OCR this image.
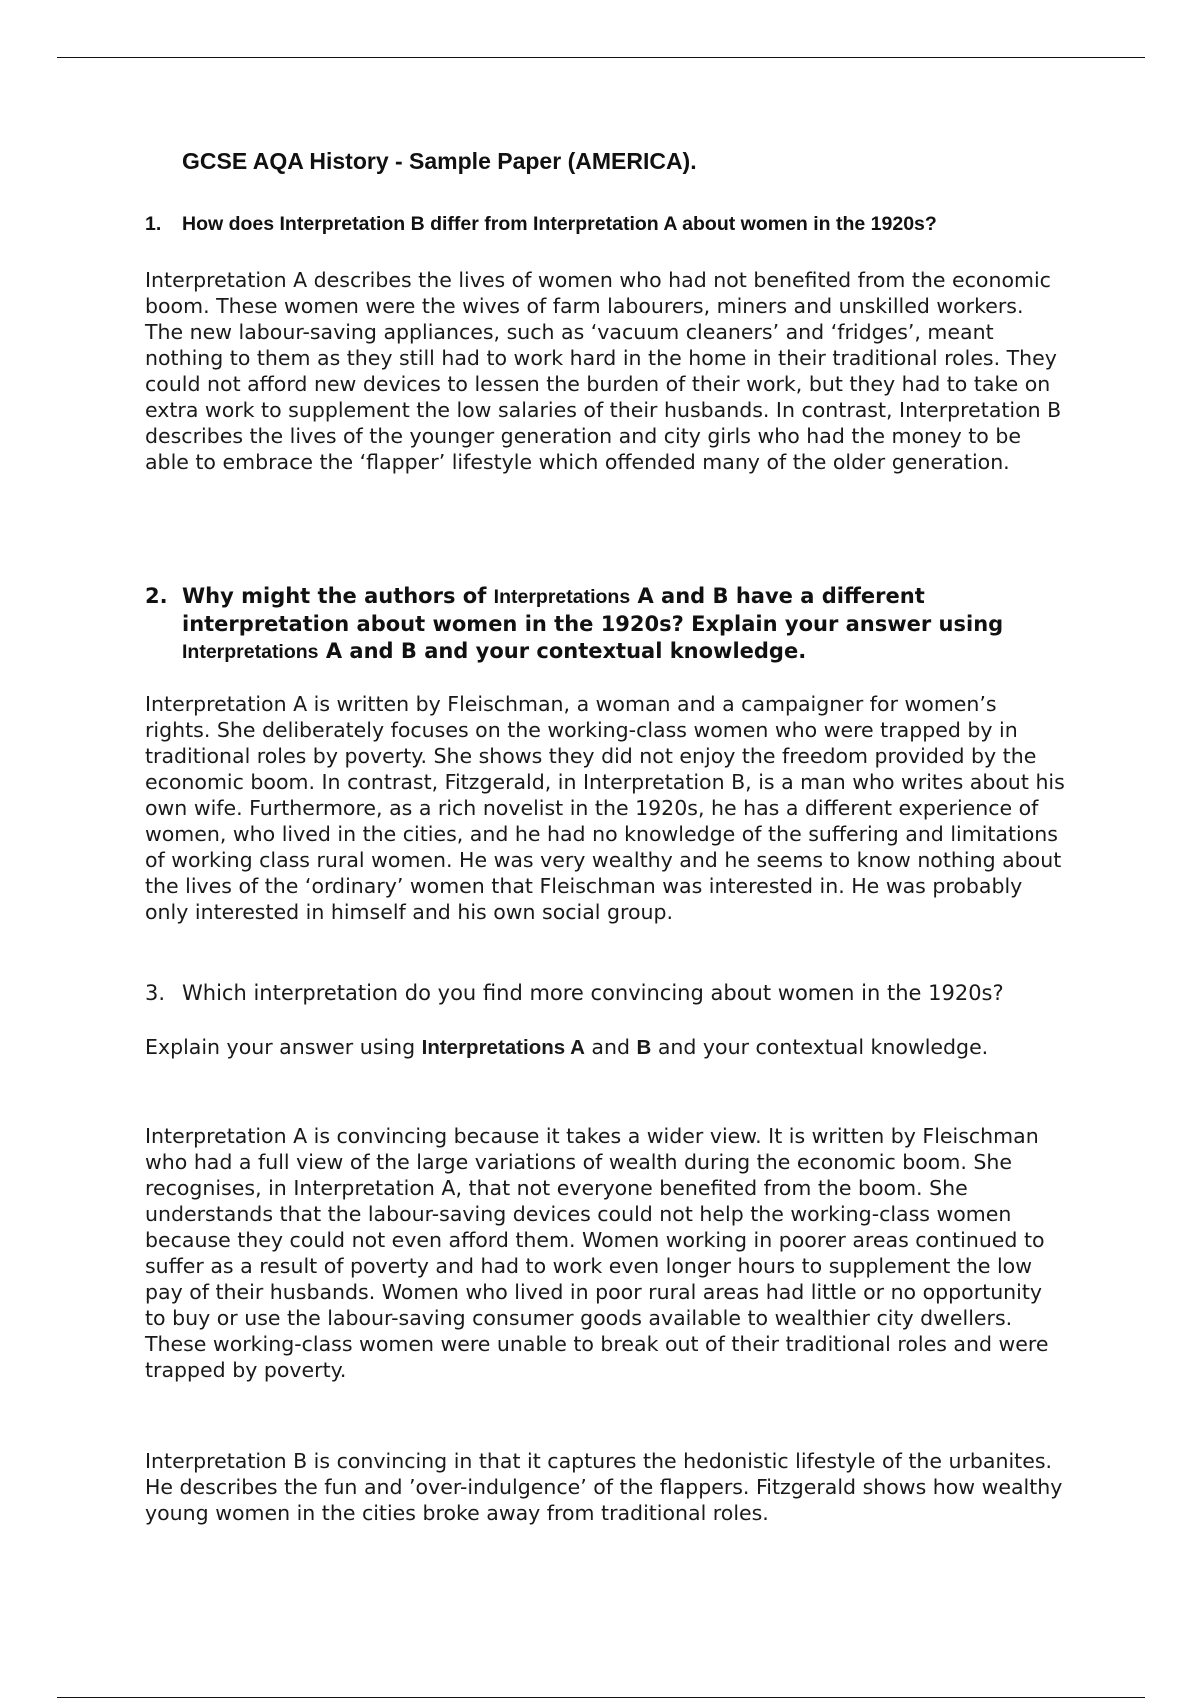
GCSE AQA History - Sample Paper (AMERICA).
1.	How does Interpretation B differ from Interpretation A about women in the 1920s?

Interpretation A describes the lives of women who had not benefited from the economic boom. These women were the wives of farm labourers, miners and unskilled workers. The new labour-saving appliances, such as ‘vacuum cleaners’ and ‘fridges’, meant nothing to them as they still had to work hard in the home in their traditional roles. They could not afford new devices to lessen the burden of their work, but they had to take on extra work to supplement the low salaries of their husbands. In contrast, Interpretation B describes the lives of the younger generation and city girls who had the money to be able to embrace the ‘flapper’ lifestyle which offended many of the older generation.

2. Why might the authors of Interpretations A and B have a different interpretation about women in the 1920s? Explain your answer using Interpretations A and B and your contextual knowledge.

Interpretation A is written by Fleischman, a woman and a campaigner for women’s rights. She deliberately focuses on the working-class women who were trapped by in traditional roles by poverty. She shows they did not enjoy the freedom provided by the economic boom. In contrast, Fitzgerald, in Interpretation B, is a man who writes about his own wife. Furthermore, as a rich novelist in the 1920s, he has a different experience of women, who lived in the cities, and he had no knowledge of the suffering and limitations of working class rural women. He was very wealthy and he seems to know nothing about the lives of the ‘ordinary’ women that Fleischman was interested in. He was probably only interested in himself and his own social group.

3. Which interpretation do you find more convincing about women in the 1920s?

Explain your answer using Interpretations A and B and your contextual knowledge.

Interpretation A is convincing because it takes a wider view. It is written by Fleischman who had a full view of the large variations of wealth during the economic boom. She recognises, in Interpretation A, that not everyone benefited from the boom. She understands that the labour-saving devices could not help the working-class women because they could not even afford them. Women working in poorer areas continued to suffer as a result of poverty and had to work even longer hours to supplement the low pay of their husbands. Women who lived in poor rural areas had little or no opportunity to buy or use the labour-saving consumer goods available to wealthier city dwellers. These working-class women were unable to break out of their traditional roles and were trapped by poverty.

Interpretation B is convincing in that it captures the hedonistic lifestyle of the urbanites. He describes the fun and ’over-indulgence’ of the flappers. Fitzgerald shows how wealthy young women in the cities broke away from traditional roles.
